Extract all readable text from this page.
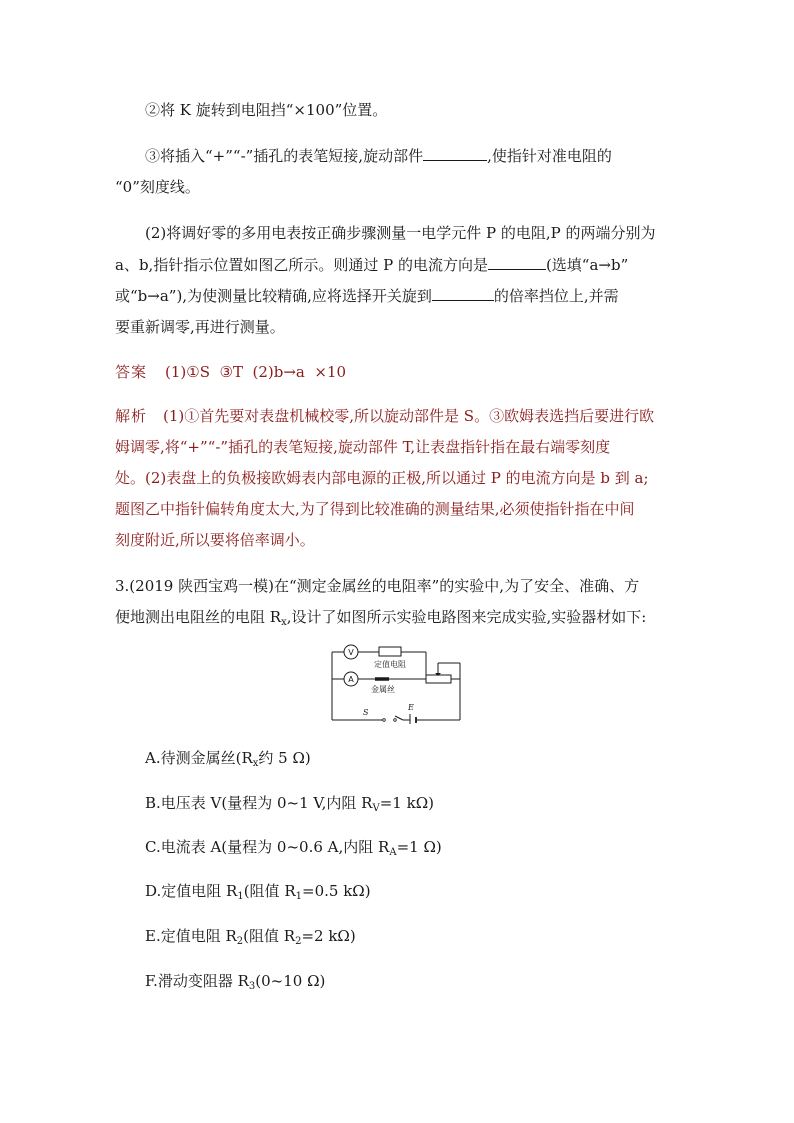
②将 K 旋转到电阻挡“×100”位置。
③将插入“+”“-”插孔的表笔短接,旋动部件	,使指针对准电阻的
“0”刻度线。
(2)将调好零的多用电表按正确步骤测量一电学元件 P 的电阻,P 的两端分别为
a、b,指针指示位置如图乙所示。则通过 P 的电流方向是	(选填“a→b”
或“b→a”),为使测量比较精确,应将选择开关旋到	的倍率挡位上,并需
要重新调零,再进行测量。
答案 (1)①S  ③T  (2)b→a  ×10
解析 (1)①首先要对表盘机械校零,所以旋动部件是 S。③欧姆表选挡后要进行欧
姆调零,将“+”“-”插孔的表笔短接,旋动部件 T,让表盘指针指在最右端零刻度
处。(2)表盘上的负极接欧姆表内部电源的正极,所以通过 P 的电流方向是 b 到 a;
题图乙中指针偏转角度太大,为了得到比较准确的测量结果,必须使指针指在中间
刻度附近,所以要将倍率调小。
3.(2019 陕西宝鸡一模)在“测定金属丝的电阻率”的实验中,为了安全、准确、方
便地测出电阻丝的电阻 $R_x$,设计了如图所示实验电路图来完成实验,实验器材如下:
V
A
定值电阻
金属丝
S
E
A.待测金属丝($R_x$约 5 Ω)
B.电压表 V(量程为 0~1 V,内阻 $R_V=1$ kΩ)
C.电流表 A(量程为 0~0.6 A,内阻 $R_A=1$ Ω)
D.定值电阻 $R_1$(阻值 $R_1=0.5$ kΩ)
E.定值电阻 $R_2$(阻值 $R_2=2$ kΩ)
F.滑动变阻器 $R_3(0\sim 10$ Ω)
